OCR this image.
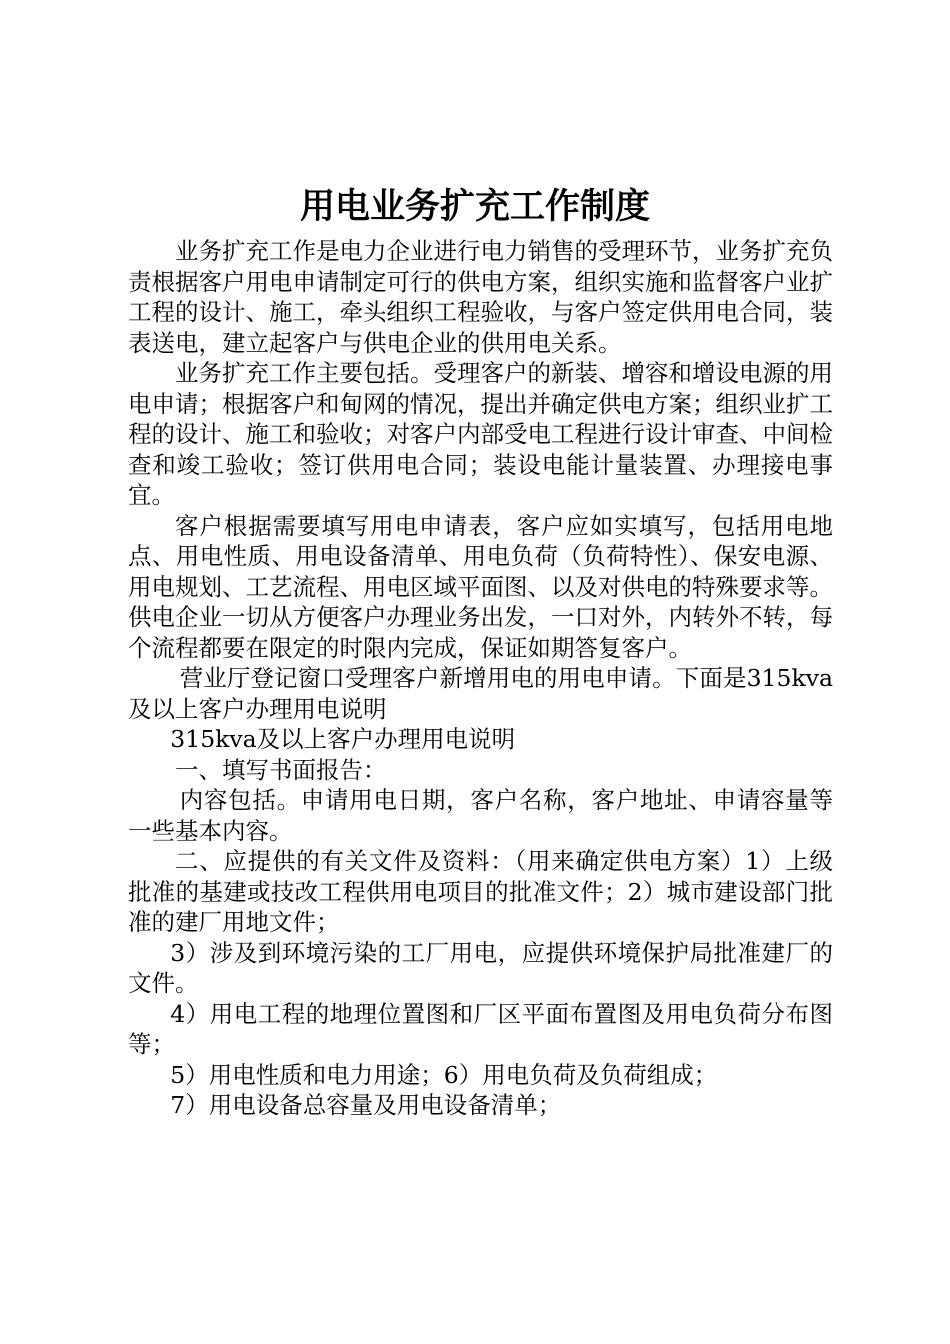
用电业务扩充工作制度

业务扩充工作是电力企业进行电力销售的受理环节，业务扩充负责根据客户用电申请制定可行的供电方案，组织实施和监督客户业扩工程的设计、施工，牵头组织工程验收，与客户签定供用电合同，装表送电，建立起客户与供电企业的供用电关系。

业务扩充工作主要包括。受理客户的新装、增容和增设电源的用电申请；根据客户和甸网的情况，提出并确定供电方案；组织业扩工程的设计、施工和验收；对客户内部受电工程进行设计审查、中间检查和竣工验收；签订供用电合同；装设电能计量装置、办理接电事宜。

客户根据需要填写用电申请表，客户应如实填写，包括用电地点、用电性质、用电设备清单、用电负荷（负荷特性）、保安电源、用电规划、工艺流程、用电区域平面图、以及对供电的特殊要求等。供电企业一切从方便客户办理业务出发，一口对外，内转外不转，每个流程都要在限定的时限内完成，保证如期答复客户。

营业厅登记窗口受理客户新增用电的用电申请。下面是315kva及以上客户办理用电说明

315kva及以上客户办理用电说明

一、填写书面报告：

内容包括。申请用电日期，客户名称，客户地址、申请容量等一些基本内容。

二、应提供的有关文件及资料：（用来确定供电方案）1）上级批准的基建或技改工程供用电项目的批准文件；2）城市建设部门批准的建厂用地文件；

3）涉及到环境污染的工厂用电，应提供环境保护局批准建厂的文件。

4）用电工程的地理位置图和厂区平面布置图及用电负荷分布图等；

5）用电性质和电力用途；6）用电负荷及负荷组成；

7）用电设备总容量及用电设备清单；
